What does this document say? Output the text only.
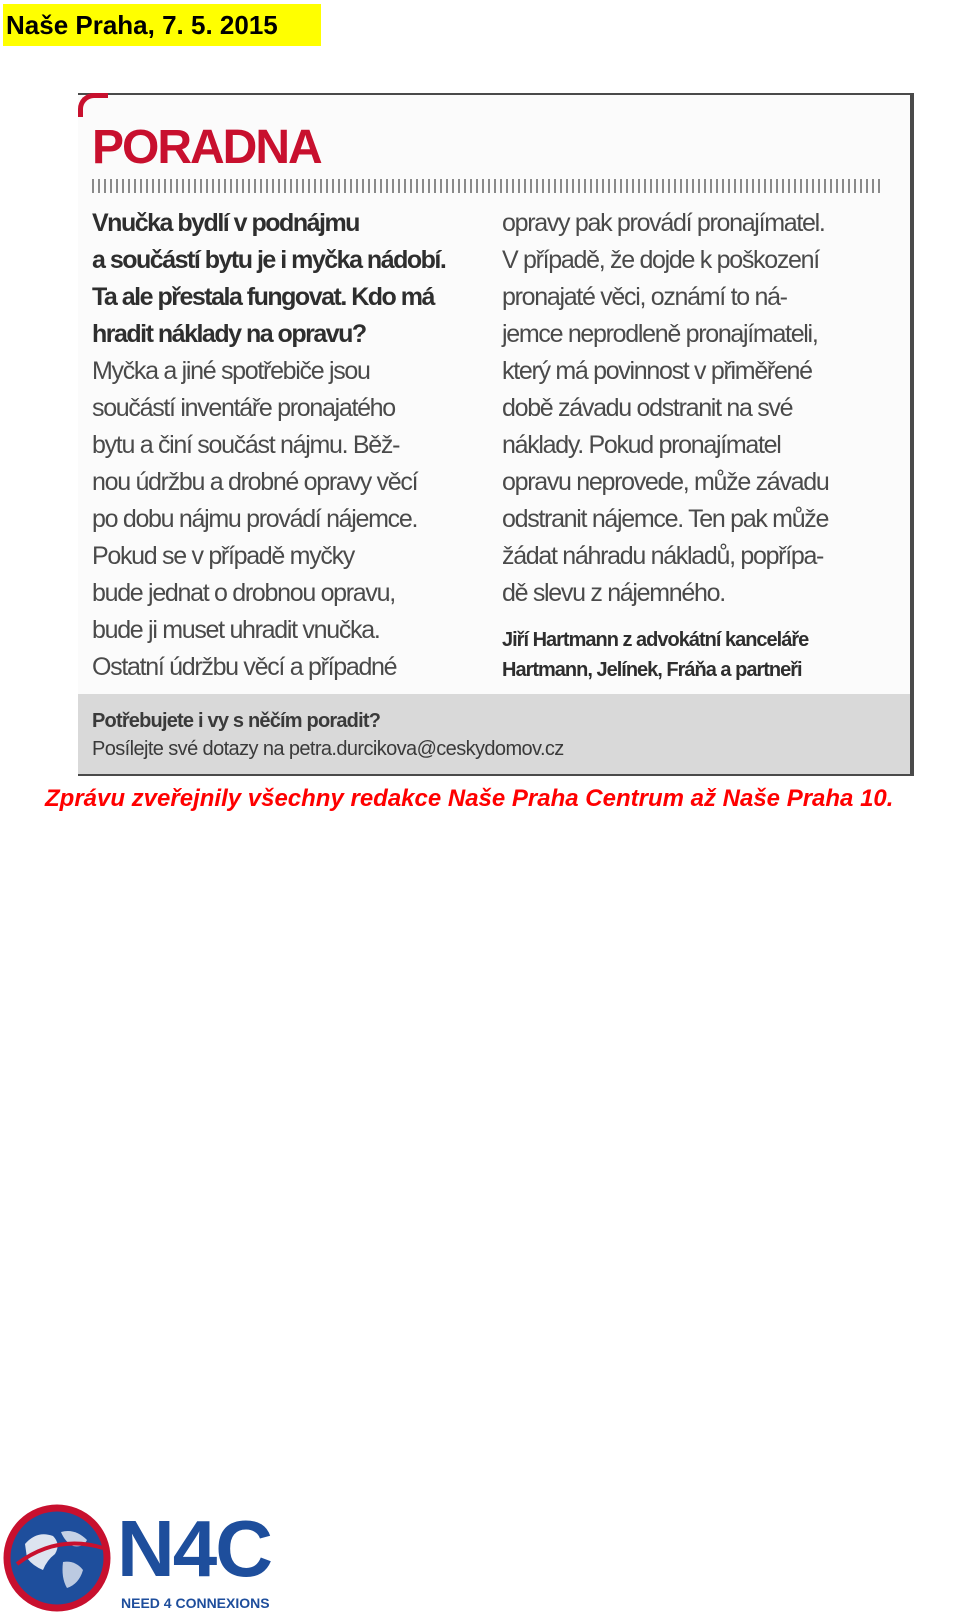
Naše Praha, 7. 5. 2015
PORADNA
Vnučka bydlí v podnájmu
a součástí bytu je i myčka nádobí.
Ta ale přestala fungovat. Kdo má
hradit náklady na opravu?
Myčka a jiné spotřebiče jsou
součástí inventáře pronajatého
bytu a činí součást nájmu. Běž-
nou údržbu a drobné opravy věcí
po dobu nájmu provádí nájemce.
Pokud se v případě myčky
bude jednat o drobnou opravu,
bude ji muset uhradit vnučka.
Ostatní údržbu věcí a případné
opravy pak provádí pronajímatel.
V případě, že dojde k poškození
pronajaté věci, oznámí to ná-
jemce neprodleně pronajímateli,
který má povinnost v přiměřené
době závadu odstranit na své
náklady. Pokud pronajímatel
opravu neprovede, může závadu
odstranit nájemce. Ten pak může
žádat náhradu nákladů, popřípa-
dě slevu z nájemného.
Jiří Hartmann z advokátní kanceláře
Hartmann, Jelínek, Fráňa a partneři
Potřebujete i vy s něčím poradit?
Posílejte své dotazy na petra.durcikova@ceskydomov.cz
Zprávu zveřejnily všechny redakce Naše Praha Centrum až Naše Praha 10.
N4C
NEED 4 CONNEXIONS
